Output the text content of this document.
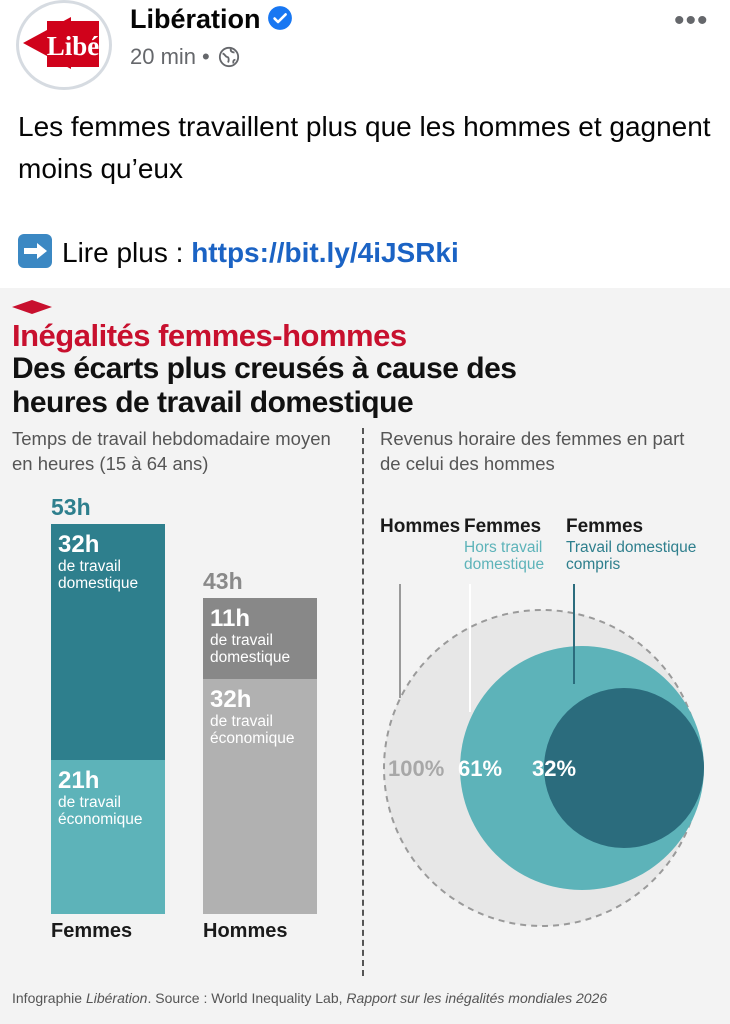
Libé
Libération
20 min •
•••
Les femmes travaillent plus que les hommes et gagnent moins qu’eux
Lire plus : https://bit.ly/4iJSRki
Inégalités femmes-hommes
Des écarts plus creusés à cause des heures de travail domestique
Temps de travail hebdomadaire moyen en heures (15 à 64 ans)
Revenus horaire des femmes en part de celui des hommes
53h
32h
de travail domestique
21h
de travail économique
Femmes
43h
11h
de travail domestique
32h
de travail économique
Hommes
Hommes Femmes
Hors travail domestique
Femmes
Travail domestique compris
100% 61% 32%
Infographie Libération. Source : World Inequality Lab, Rapport sur les inégalités mondiales 2026
